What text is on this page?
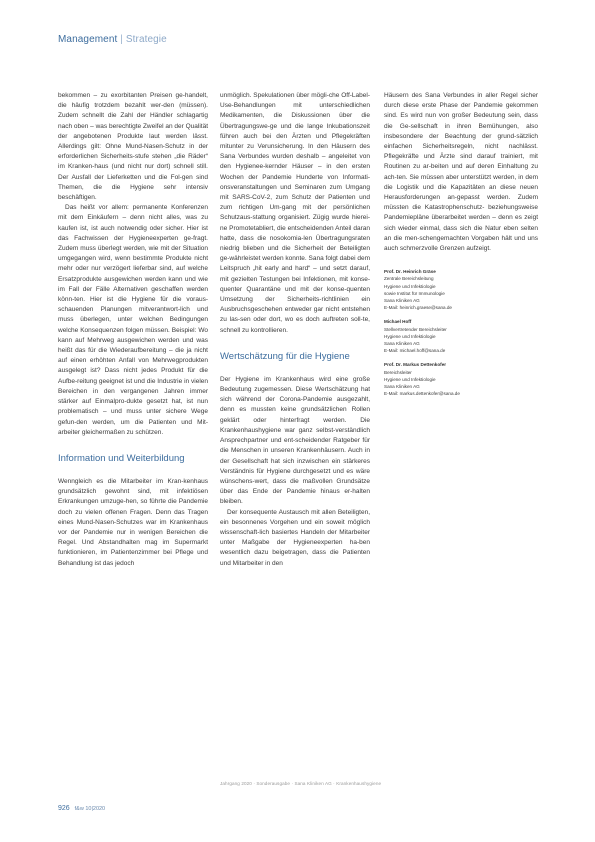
Management | Strategie

bekommen – zu exorbitanten Preisen ge-handelt, die häufig trotzdem bezahlt wer-den (müssen). Zudem schnellt die Zahl der Händler schlagartig nach oben – was berechtigte Zweifel an der Qualität der angebotenen Produkte laut werden lässt. Allerdings gilt: Ohne Mund-Nasen-Schutz in der erforderlichen Sicherheits-stufe stehen „die Räder“ im Kranken-haus (und nicht nur dort) schnell still. Der Ausfall der Lieferketten und die Fol-gen sind Themen, die die Hygiene sehr intensiv beschäftigen.

Das heißt vor allem: permanente Konferenzen mit dem Einkäufern – denn nicht alles, was zu kaufen ist, ist auch notwendig oder sicher. Hier ist das Fachwissen der Hygieneexperten ge-fragt. Zudem muss überlegt werden, wie mit der Situation umgegangen wird, wenn bestimmte Produkte nicht mehr oder nur verzögert lieferbar sind, auf welche Ersatzprodukte ausgewichen werden kann und wie im Fall der Fälle Alternativen geschaffen werden könn-ten. Hier ist die Hygiene für die voraus-schauenden Planungen mitverantwort-lich und muss überlegen, unter welchen Bedingungen welche Konsequenzen folgen müssen. Beispiel: Wo kann auf Mehrweg ausgewichen werden und was heißt das für die Wiederaufbereitung – die ja nicht auf einen erhöhten Anfall von Mehrwegprodukten ausgelegt ist? Dass nicht jedes Produkt für die Aufbe-reitung geeignet ist und die Industrie in vielen Bereichen in den vergangenen Jahren immer stärker auf Einmalpro-dukte gesetzt hat, ist nun problematisch – und muss unter sichere Wege gefun-den werden, um die Patienten und Mit-arbeiter gleichermaßen zu schützen.

Information und Weiterbildung

Wenngleich es die Mitarbeiter im Kran-kenhaus grundsätzlich gewohnt sind, mit infektiösen Erkrankungen umzuge-hen, so führte die Pandemie doch zu vielen offenen Fragen. Denn das Tragen eines Mund-Nasen-Schutzes war im Krankenhaus vor der Pandemie nur in wenigen Bereichen die Regel. Und Abstandhalten mag im Supermarkt funktionieren, im Patientenzimmer bei Pflege und Behandlung ist das jedoch

unmöglich. Spekulationen über mögli-che Off-Label-Use-Behandlungen mit unterschiedlichen Medikamenten, die Diskussionen über die Übertragungswe-ge und die lange Inkubationszeit führen auch bei den Ärzten und Pflegekräften mitunter zu Verunsicherung. In den Häusern des Sana Verbundes wurden deshalb – angeleitet von den Hygienee-kernder Häuser – in den ersten Wochen der Pandemie Hunderte von Informati-onsveranstaltungen und Seminaren zum Umgang mit SARS-CoV-2, zum Schutz der Patienten und zum richtigen Um-gang mit der persönlichen Schutzaus-stattung organisiert. Zügig wurde hierei-ne Promotetabliert, die entscheidenden Anteil daran hatte, dass die nosokomia-len Übertragungsraten niedrig blieben und die Sicherheit der Beteiligten ge-währleistet werden konnte. Sana folgt dabei dem Leitspruch „hit early and hard“ – und setzt darauf, mit gezielten Testungen bei Infektionen, mit konse-quenter Quarantäne und mit der konse-quenten Umsetzung der Sicherheits-richtlinien ein Ausbruchsgeschehen entweder gar nicht entstehen zu las-sen oder dort, wo es doch auftreten soll-te, schnell zu kontrollieren.

Wertschätzung für die Hygiene

Der Hygiene im Krankenhaus wird eine große Bedeutung zugemessen. Diese Wertschätzung hat sich während der Corona-Pandemie ausgezahlt, denn es mussten keine grundsätzlichen Rollen geklärt oder hinterfragt werden. Die Krankenhaushygiene war ganz selbst-verständlich Ansprechpartner und ent-scheidender Ratgeber für die Menschen in unseren Krankenhäusern. Auch in der Gesellschaft hat sich inzwischen ein stärkeres Verständnis für Hygiene durchgesetzt und es wäre wünschens-wert, dass die maßvollen Grundsätze über das Ende der Pandemie hinaus er-halten bleiben.

Der konsequente Austausch mit allen Beteiligten, ein besonnenes Vorgehen und ein soweit möglich wissenschaft-lich basiertes Handeln der Mitarbeiter unter Maßgabe der Hygieneexperten ha-ben wesentlich dazu beigetragen, dass die Patienten und Mitarbeiter in den

Häusern des Sana Verbundes in aller Regel sicher durch diese erste Phase der Pandemie gekommen sind. Es wird nun von großer Bedeutung sein, dass die Ge-sellschaft in ihren Bemühungen, also insbesondere der Beachtung der grund-sätzlich einfachen Sicherheitsregeln, nicht nachlässt. Pflegekräfte und Ärzte sind darauf trainiert, mit Routinen zu ar-beiten und auf deren Einhaltung zu ach-ten. Sie müssen aber unterstützt werden, in dem die Logistik und die Kapazitäten an diese neuen Herausforderungen an-gepasst werden. Zudem müssten die Katastrophenschutz- beziehungsweise Pandemiepläne überarbeitet werden – denn es zeigt sich wieder einmal, dass sich die Natur eben selten an die men-schengemachten Vorgaben hält und uns auch schmerzvolle Grenzen aufzeigt.

Prof. Dr. Heinrich Gräse
Zentrale Bereichsleitung
Hygiene und Infektiologie
sowie Institut für Immunologie
Sana Kliniken AG
E-Mail: heinrich.graese@sana.de
Michael Hoff
Stellvertretender Bereichsleiter
Hygiene und Infektiologie
Sana Kliniken AG
E-Mail: michael.hoff@sana.de
Prof. Dr. Markus Dettenkofer
Bereichsleiter
Hygiene und Infektiologie
Sana Kliniken AG
E-Mail: markus.dettenkofer@sana.de
Jahrgang 2020 · Sonderausgabe · Sana Kliniken AG · Krankenhaushygiene
926 f&w 10|2020
